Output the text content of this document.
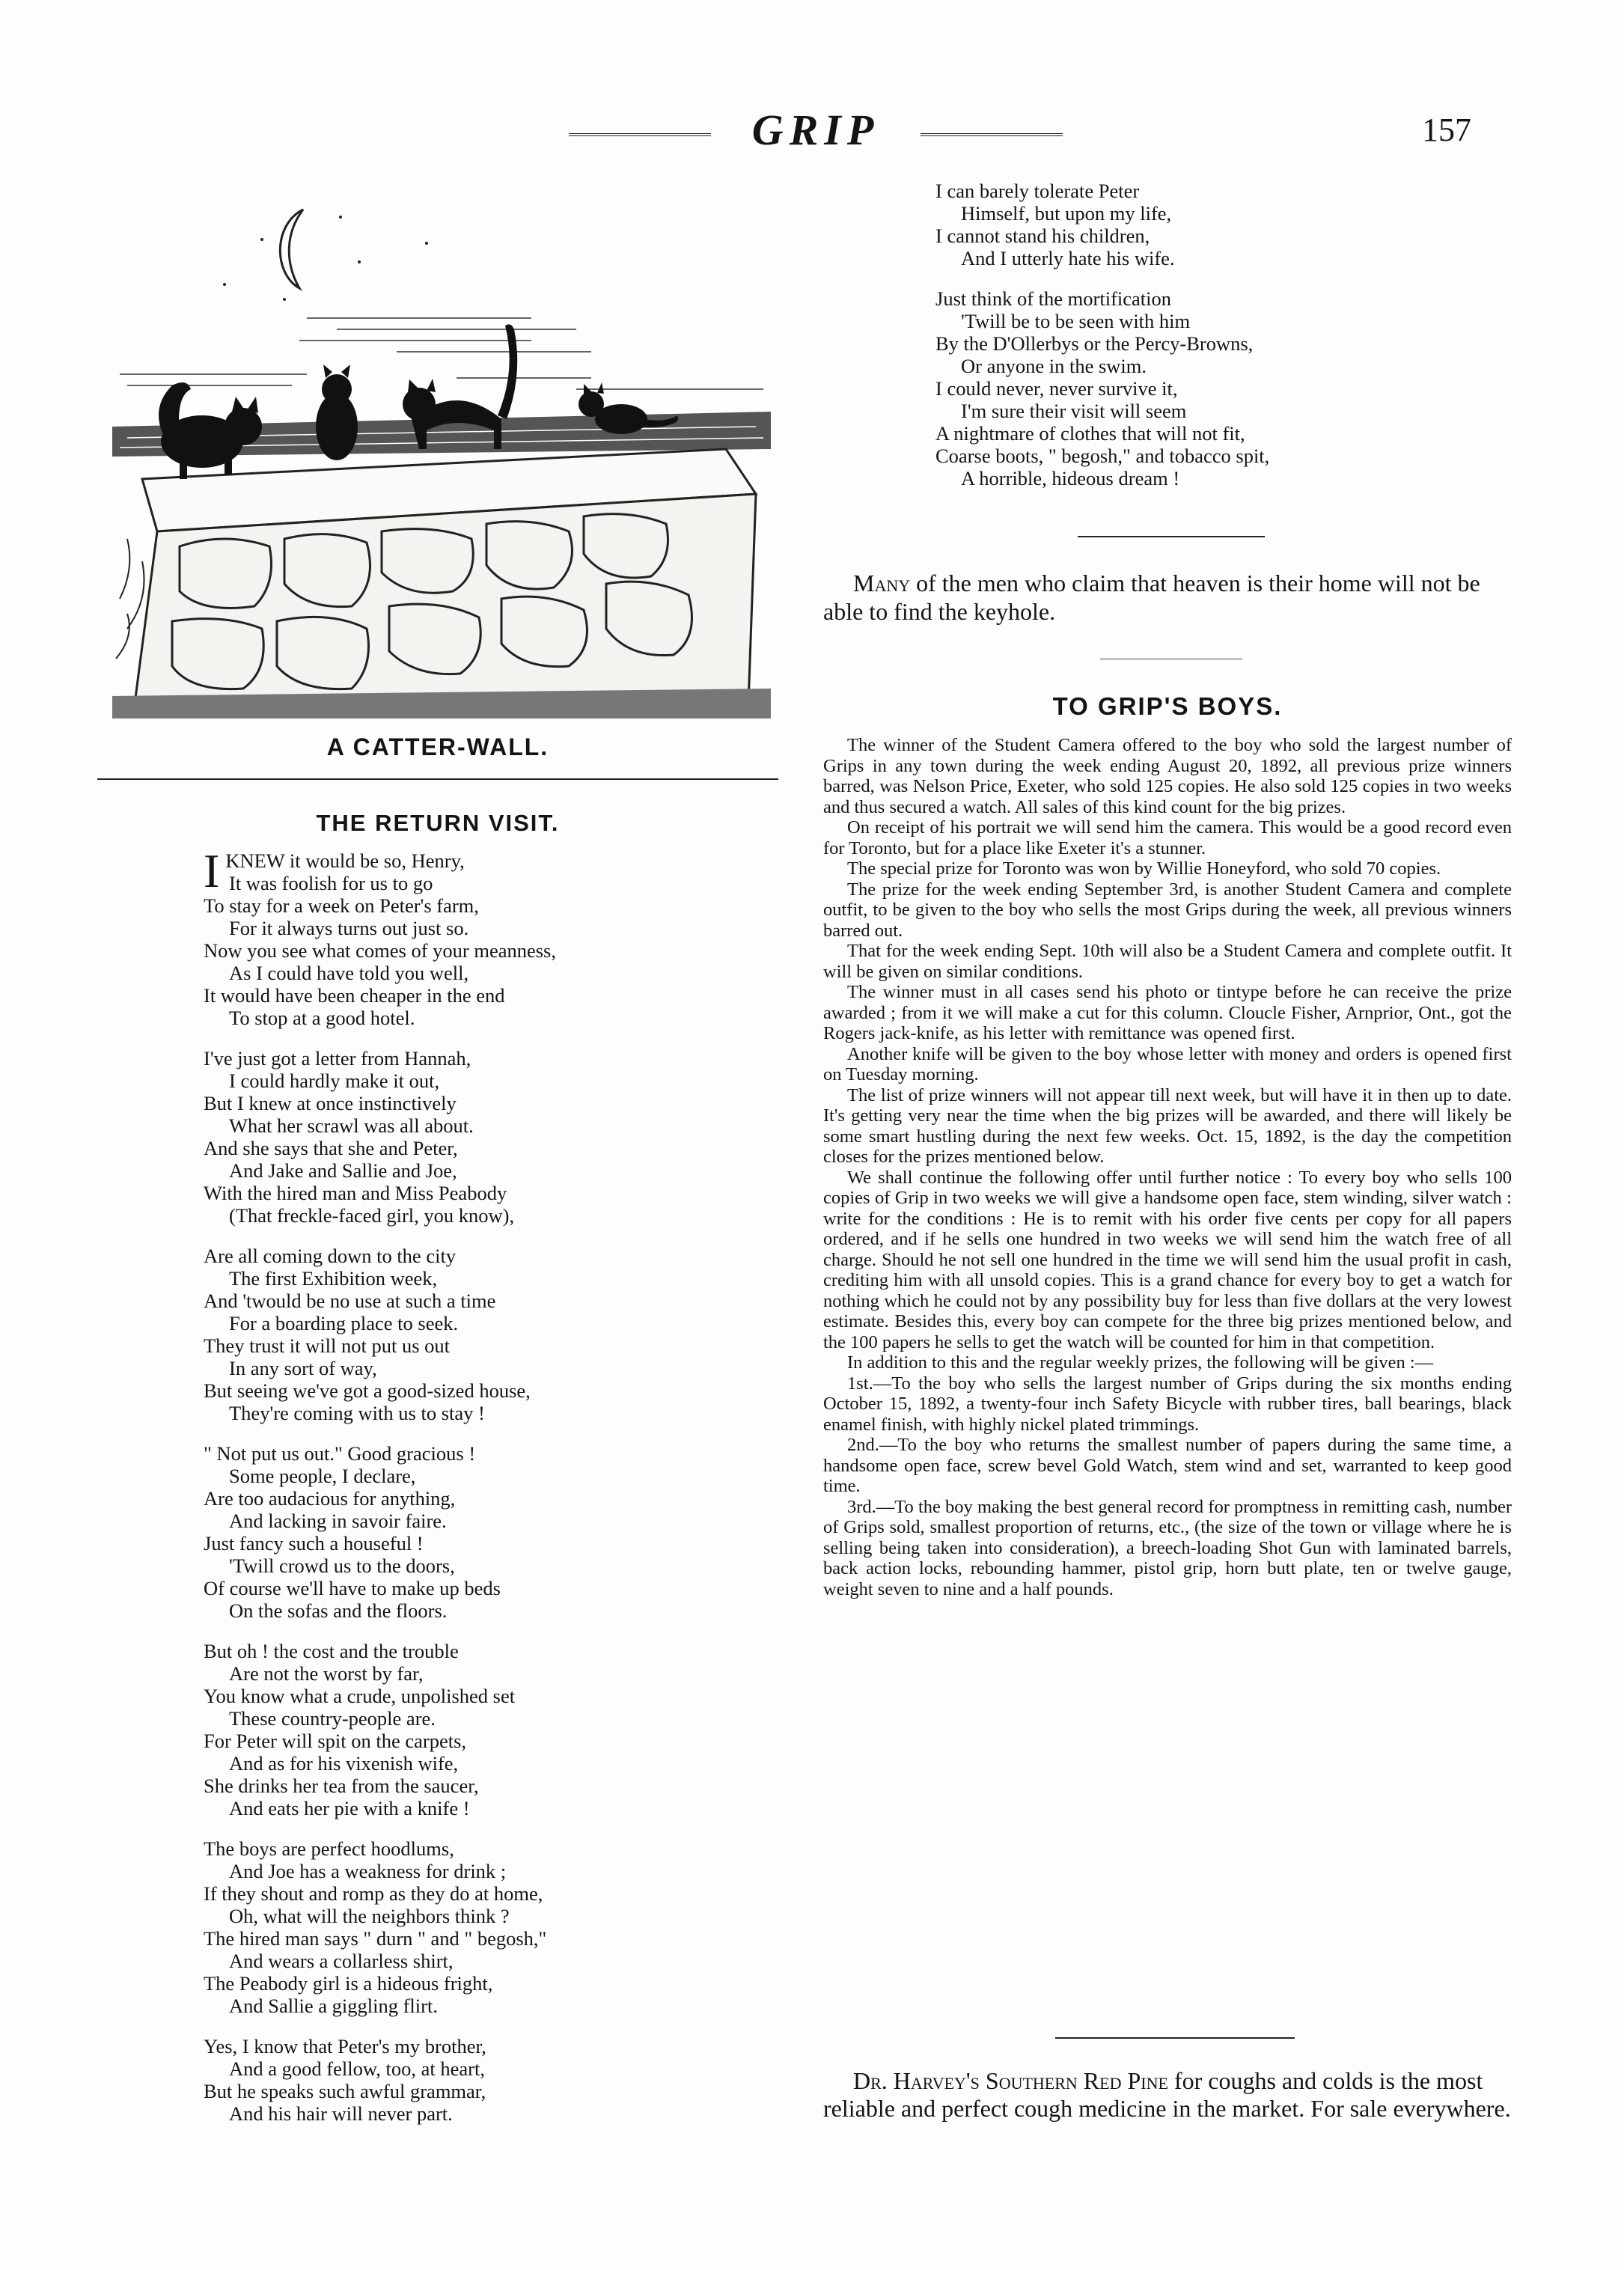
GRIP	157
A CATTER-WALL.
THE RETURN VISIT.
IKNEW it would be so, Henry,
It was foolish for us to go
To stay for a week on Peter's farm,
For it always turns out just so.
Now you see what comes of your meanness,
As I could have told you well,
It would have been cheaper in the end
To stop at a good hotel.
I've just got a letter from Hannah,
I could hardly make it out,
But I knew at once instinctively
What her scrawl was all about.
And she says that she and Peter,
And Jake and Sallie and Joe,
With the hired man and Miss Peabody
(That freckle-faced girl, you know),
Are all coming down to the city
The first Exhibition week,
And 'twould be no use at such a time
For a boarding place to seek.
They trust it will not put us out
In any sort of way,
But seeing we've got a good-sized house,
They're coming with us to stay !
" Not put us out." Good gracious !
Some people, I declare,
Are too audacious for anything,
And lacking in savoir faire.
Just fancy such a houseful !
'Twill crowd us to the doors,
Of course we'll have to make up beds
On the sofas and the floors.
But oh ! the cost and the trouble
Are not the worst by far,
You know what a crude, unpolished set
These country-people are.
For Peter will spit on the carpets,
And as for his vixenish wife,
She drinks her tea from the saucer,
And eats her pie with a knife !
The boys are perfect hoodlums,
And Joe has a weakness for drink ;
If they shout and romp as they do at home,
Oh, what will the neighbors think ?
The hired man says " durn " and " begosh,"
And wears a collarless shirt,
The Peabody girl is a hideous fright,
And Sallie a giggling flirt.
Yes, I know that Peter's my brother,
And a good fellow, too, at heart,
But he speaks such awful grammar,
And his hair will never part.
I can barely tolerate Peter
Himself, but upon my life,
I cannot stand his children,
And I utterly hate his wife.
Just think of the mortification
'Twill be to be seen with him
By the D'Ollerbys or the Percy-Browns,
Or anyone in the swim.
I could never, never survive it,
I'm sure their visit will seem
A nightmare of clothes that will not fit,
Coarse boots, " begosh," and tobacco spit,
A horrible, hideous dream !
Many of the men who claim that heaven is their home will not be able to find the keyhole.
TO GRIP'S BOYS.

The winner of the Student Camera offered to the boy who sold the largest number of Grips in any town during the week ending August 20, 1892, all previous prize winners barred, was Nelson Price, Exeter, who sold 125 copies. He also sold 125 copies in two weeks and thus secured a watch. All sales of this kind count for the big prizes.

On receipt of his portrait we will send him the camera. This would be a good record even for Toronto, but for a place like Exeter it's a stunner.

The special prize for Toronto was won by Willie Honeyford, who sold 70 copies.

The prize for the week ending September 3rd, is another Student Camera and complete outfit, to be given to the boy who sells the most Grips during the week, all previous winners barred out.

That for the week ending Sept. 10th will also be a Student Camera and complete outfit. It will be given on similar conditions.

The winner must in all cases send his photo or tintype before he can receive the prize awarded ; from it we will make a cut for this column. Cloucle Fisher, Arnprior, Ont., got the Rogers jack-knife, as his letter with remittance was opened first.

Another knife will be given to the boy whose letter with money and orders is opened first on Tuesday morning.

The list of prize winners will not appear till next week, but will have it in then up to date. It's getting very near the time when the big prizes will be awarded, and there will likely be some smart hustling during the next few weeks. Oct. 15, 1892, is the day the competition closes for the prizes mentioned below.

We shall continue the following offer until further notice : To every boy who sells 100 copies of Grip in two weeks we will give a handsome open face, stem winding, silver watch : write for the conditions : He is to remit with his order five cents per copy for all papers ordered, and if he sells one hundred in two weeks we will send him the watch free of all charge. Should he not sell one hundred in the time we will send him the usual profit in cash, crediting him with all unsold copies. This is a grand chance for every boy to get a watch for nothing which he could not by any possibility buy for less than five dollars at the very lowest estimate. Besides this, every boy can compete for the three big prizes mentioned below, and the 100 papers he sells to get the watch will be counted for him in that competition.

In addition to this and the regular weekly prizes, the following will be given :—

1st.—To the boy who sells the largest number of Grips during the six months ending October 15, 1892, a twenty-four inch Safety Bicycle with rubber tires, ball bearings, black enamel finish, with highly nickel plated trimmings.

2nd.—To the boy who returns the smallest number of papers during the same time, a handsome open face, screw bevel Gold Watch, stem wind and set, warranted to keep good time.

3rd.—To the boy making the best general record for promptness in remitting cash, number of Grips sold, smallest proportion of returns, etc., (the size of the town or village where he is selling being taken into consideration), a breech-loading Shot Gun with laminated barrels, back action locks, rebounding hammer, pistol grip, horn butt plate, ten or twelve gauge, weight seven to nine and a half pounds.

Dr. Harvey's Southern Red Pine for coughs and colds is the most reliable and perfect cough medicine in the market. For sale everywhere.
